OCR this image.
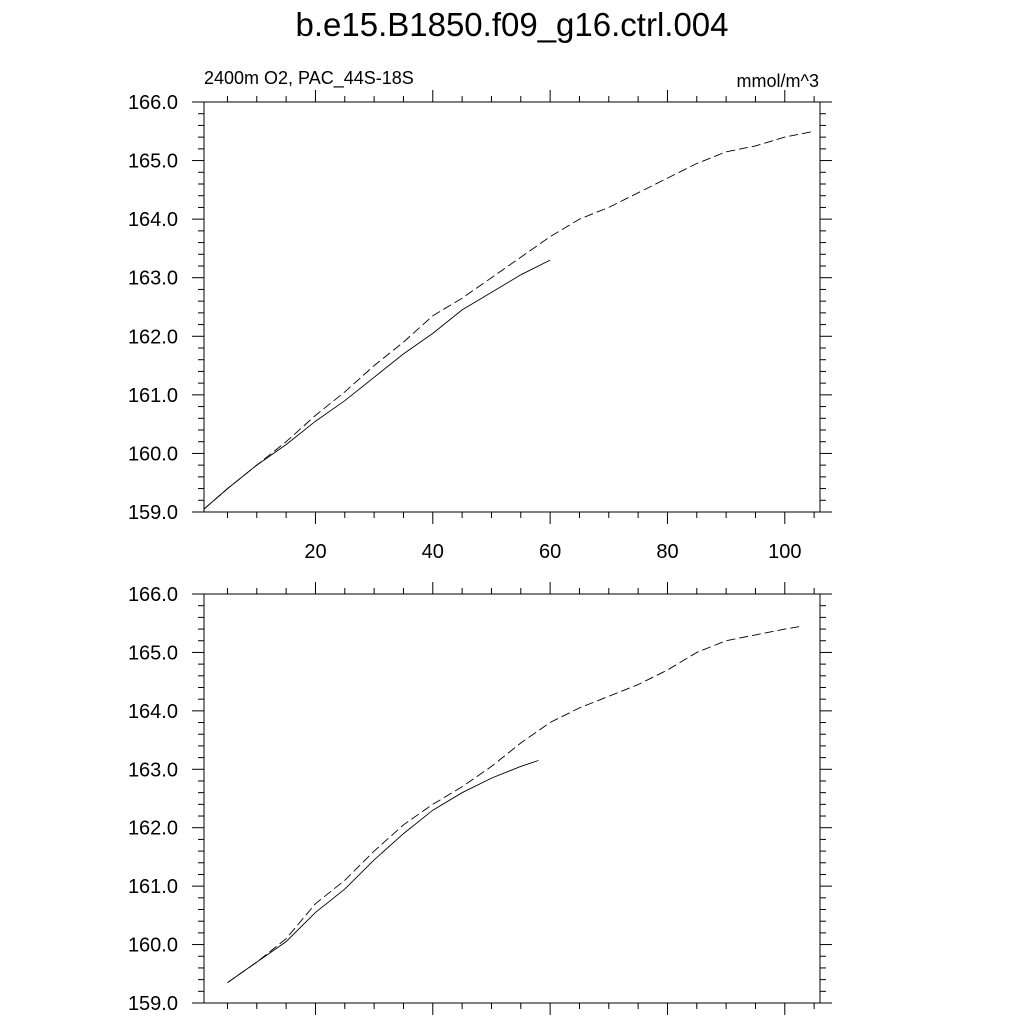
b.e15.B1850.f09_g16.ctrl.004
159.0
160.0
161.0
162.0
163.0
164.0
165.0
166.0
20	40	60	80	100
2400m O2, PAC_44S-18S	mmol/m^3
159.0
160.0
161.0
162.0
163.0
164.0
165.0
166.0
